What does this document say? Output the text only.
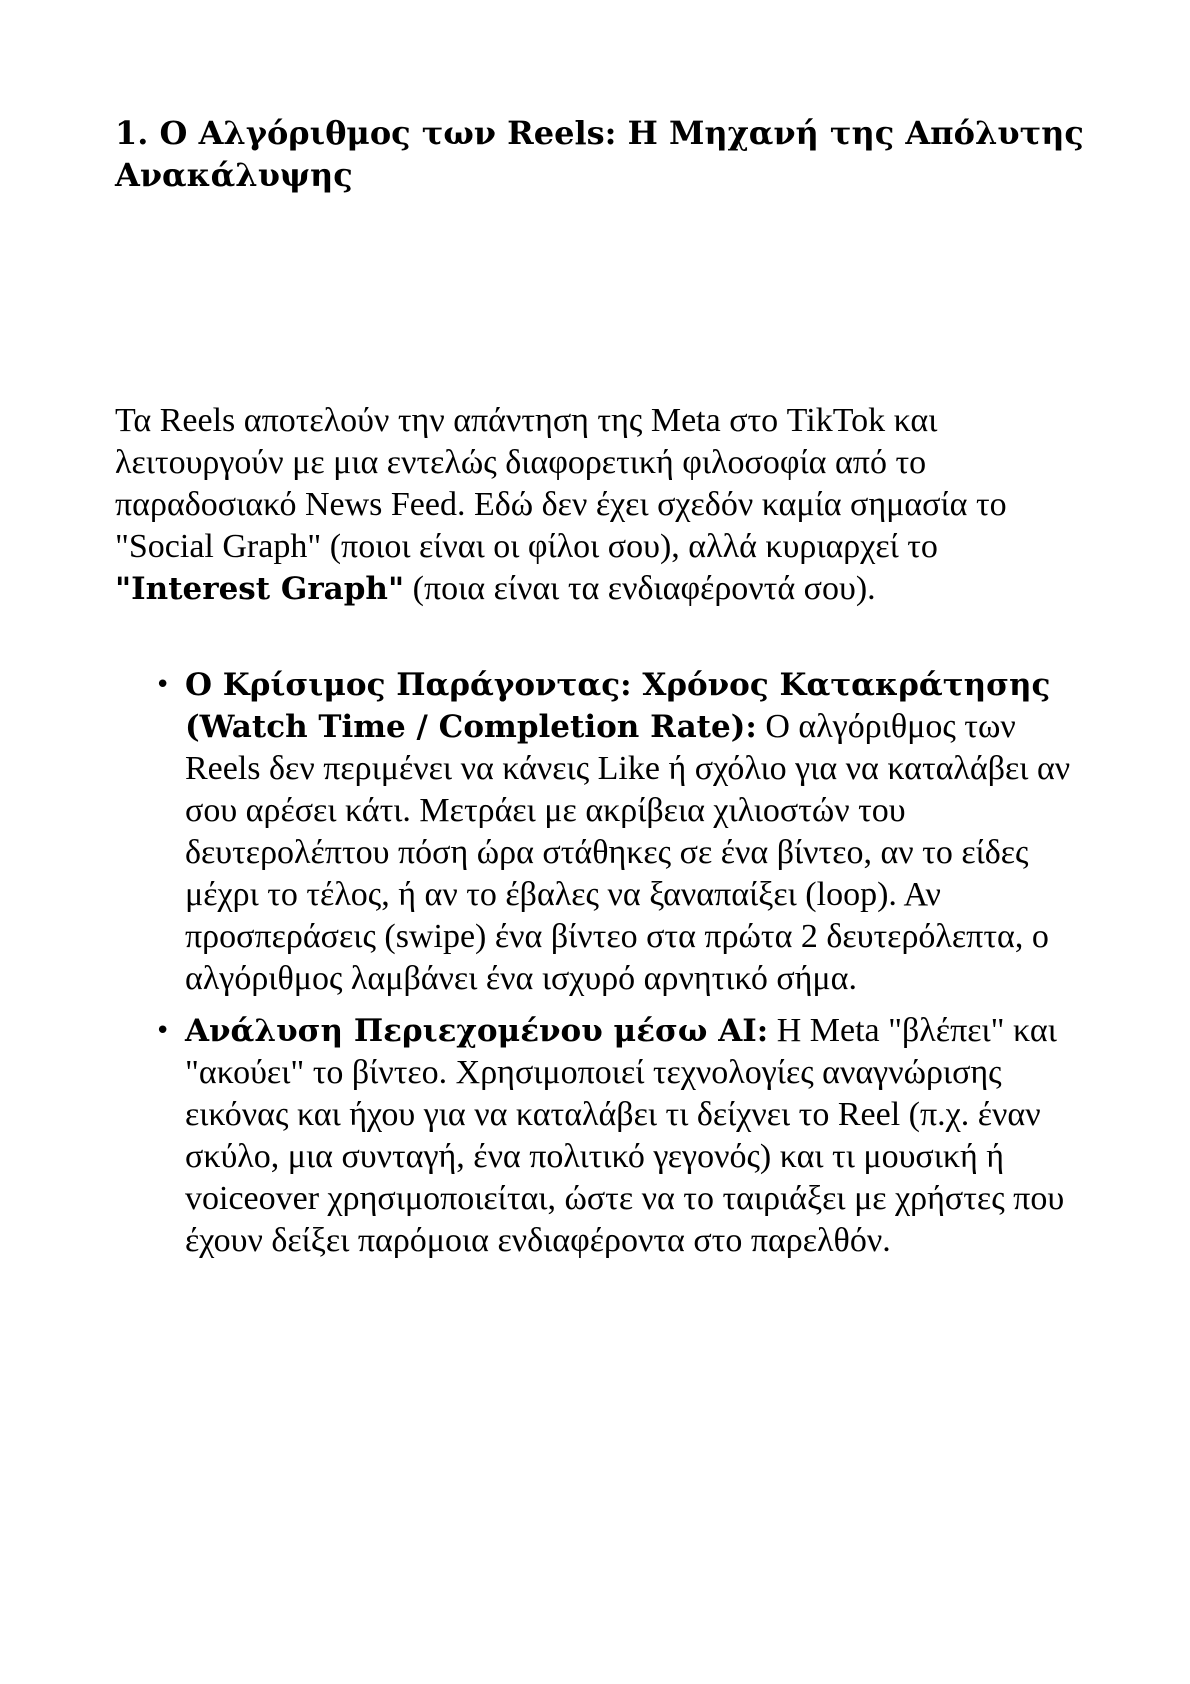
1. Ο Αλγόριθμος των Reels: Η Μηχανή της Απόλυτης Ανακάλυψης

Τα Reels αποτελούν την απάντηση της Meta στο TikTok και λειτουργούν με μια εντελώς διαφορετική φιλοσοφία από το παραδοσιακό News Feed. Εδώ δεν έχει σχεδόν καμία σημασία το "Social Graph" (ποιοι είναι οι φίλοι σου), αλλά κυριαρχεί το "Interest Graph" (ποια είναι τα ενδιαφέροντά σου).

• Ο Κρίσιμος Παράγοντας: Χρόνος Κατακράτησης (Watch Time / Completion Rate): Ο αλγόριθμος των Reels δεν περιμένει να κάνεις Like ή σχόλιο για να καταλάβει αν σου αρέσει κάτι. Μετράει με ακρίβεια χιλιοστών του δευτερολέπτου πόση ώρα στάθηκες σε ένα βίντεο, αν το είδες μέχρι το τέλος, ή αν το έβαλες να ξαναπαίξει (loop). Αν προσπεράσεις (swipe) ένα βίντεο στα πρώτα 2 δευτερόλεπτα, ο αλγόριθμος λαμβάνει ένα ισχυρό αρνητικό σήμα.
• Ανάλυση Περιεχομένου μέσω AI: Η Meta "βλέπει" και "ακούει" το βίντεο. Χρησιμοποιεί τεχνολογίες αναγνώρισης εικόνας και ήχου για να καταλάβει τι δείχνει το Reel (π.χ. έναν σκύλο, μια συνταγή, ένα πολιτικό γεγονός) και τι μουσική ή voiceover χρησιμοποιείται, ώστε να το ταιριάξει με χρήστες που έχουν δείξει παρόμοια ενδιαφέροντα στο παρελθόν.
